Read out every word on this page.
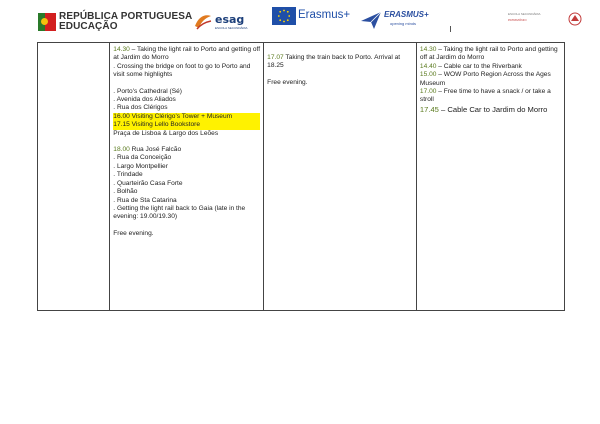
REPÚBLICA PORTUGUESA
EDUCAÇÃO
esag
ESCOLA SECUNDÁRIA
Erasmus+	ERASMUS+
opening minds
ESCOLA SECUNDÁRIA
PATRIMÓNIO

14.30 – Taking the light rail to Porto and getting off at Jardim do Morro
. Crossing the bridge on foot to go to Porto and visit some highlights
. Porto's Cathedral (Sé)
. Avenida dos Aliados
. Rua dos Clérigos
16.00 Visiting Clérigo's Tower + Museum
17.15 Visiting Lello Bookstore
Praça de Lisboa & Largo dos Leões
18.00 Rua José Falcão
. Rua da Conceição
. Largo Montpellier
. Trindade
. Quarteirão Casa Forte
. Bolhão
. Rua de Sta Catarina
. Getting the light rail back to Gaia (late in the evening: 19.00/19.30)
Free evening.

17.07 Taking the train back to Porto. Arrival at 18.25
Free evening.

14.30 – Taking the light rail to Porto and getting off at Jardim do Morro
14.40 – Cable car to the Riverbank
15.00 – WOW Porto Region Across the Ages Museum
17.00 – Free time to have a snack / or take a stroll
17.45 – Cable Car to Jardim do Morro
